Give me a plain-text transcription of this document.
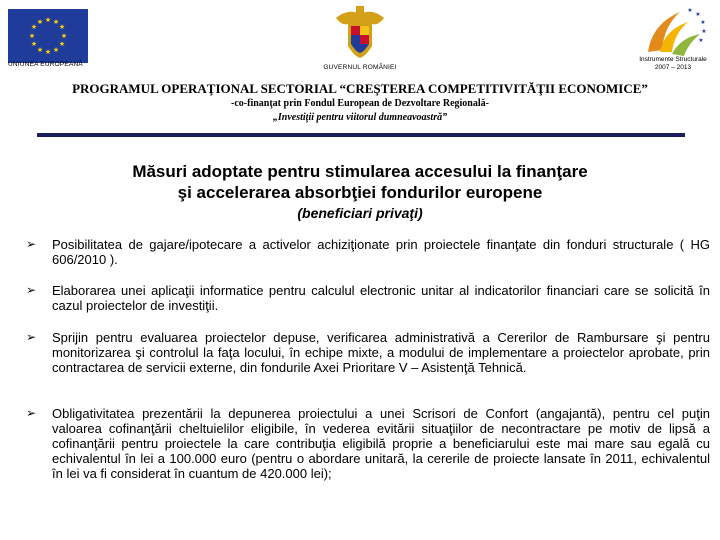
★ ★
★
★
★
★
★
★
★
★
★
★
UNIUNEA EUROPEANĂ	GUVERNUL ROMÂNIEI
★
★
★
★
★
Instrumente Structurale
2007 – 2013
PROGRAMUL OPERAŢIONAL SECTORIAL “CREŞTEREA COMPETITIVITĂŢII ECONOMICE”
-co-finanţat prin Fondul European de Dezvoltare Regională-
„Investiţii pentru viitorul dumneavoastră”
Măsuri adoptate pentru stimularea accesului la finanţare
şi accelerarea absorbţiei fondurilor europene
(beneficiari privaţi)
➢	Posibilitatea de gajare/ipotecare a activelor achiziţionate prin proiectele finanţate din fonduri structurale ( HG 606/2010 ).
➢	Elaborarea unei aplicaţii informatice pentru calculul electronic unitar al indicatorilor financiari care se solicită în cazul proiectelor de investiţii.
➢	Sprijin pentru evaluarea proiectelor depuse, verificarea administrativă a Cererilor de Rambursare şi pentru monitorizarea şi controlul la faţa locului, în echipe mixte, a modului de implementare a proiectelor aprobate, prin contractarea de servicii externe, din fondurile Axei Prioritare V – Asistenţă Tehnică.
➢	Obligativitatea prezentării la depunerea proiectului a unei Scrisori de Confort (angajantă), pentru cel puţin valoarea cofinanţării cheltuielilor eligibile, în vederea evitării situaţiilor de necontractare pe motiv de lipsă a cofinanţării pentru proiectele la care contribuţia eligibilă proprie a beneficiarului este mai mare sau egală cu echivalentul în lei a 100.000 euro (pentru o abordare unitară, la cererile de proiecte lansate în 2011, echivalentul în lei va fi considerat în cuantum de 420.000 lei);
